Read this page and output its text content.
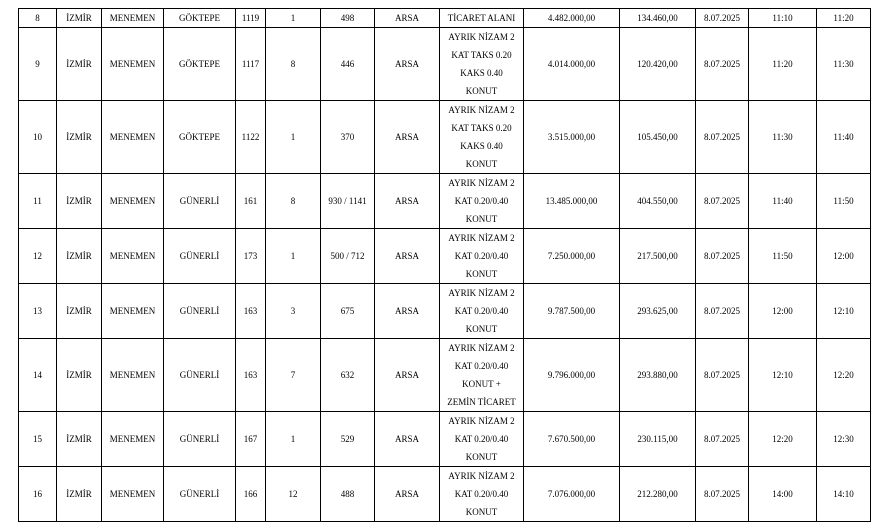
8	İZMİR	MENEMEN	GÖKTEPE	1119	1	498	ARSA	TİCARET ALANI	4.482.000,00	134.460,00	8.07.2025	11:10	11:20
9	İZMİR	MENEMEN	GÖKTEPE	1117	8	446	ARSA	AYRIK NİZAM 2
KAT TAKS 0.20
KAKS 0.40
KONUT	4.014.000,00	120.420,00	8.07.2025	11:20	11:30
10	İZMİR	MENEMEN	GÖKTEPE	1122	1	370	ARSA	AYRIK NİZAM 2
KAT TAKS 0.20
KAKS 0.40
KONUT	3.515.000,00	105.450,00	8.07.2025	11:30	11:40
11	İZMİR	MENEMEN	GÜNERLİ	161	8	930 / 1141	ARSA	AYRIK NİZAM 2
KAT 0.20/0.40
KONUT	13.485.000,00	404.550,00	8.07.2025	11:40	11:50
12	İZMİR	MENEMEN	GÜNERLİ	173	1	500 / 712	ARSA	AYRIK NİZAM 2
KAT 0.20/0.40
KONUT	7.250.000,00	217.500,00	8.07.2025	11:50	12:00
13	İZMİR	MENEMEN	GÜNERLİ	163	3	675	ARSA	AYRIK NİZAM 2
KAT 0.20/0.40
KONUT	9.787.500,00	293.625,00	8.07.2025	12:00	12:10
14	İZMİR	MENEMEN	GÜNERLİ	163	7	632	ARSA	AYRIK NİZAM 2
KAT 0.20/0.40
KONUT +
ZEMİN TİCARET	9.796.000,00	293.880,00	8.07.2025	12:10	12:20
15	İZMİR	MENEMEN	GÜNERLİ	167	1	529	ARSA	AYRIK NİZAM 2
KAT 0.20/0.40
KONUT	7.670.500,00	230.115,00	8.07.2025	12:20	12:30
16	İZMİR	MENEMEN	GÜNERLİ	166	12	488	ARSA	AYRIK NİZAM 2
KAT 0.20/0.40
KONUT	7.076.000,00	212.280,00	8.07.2025	14:00	14:10
